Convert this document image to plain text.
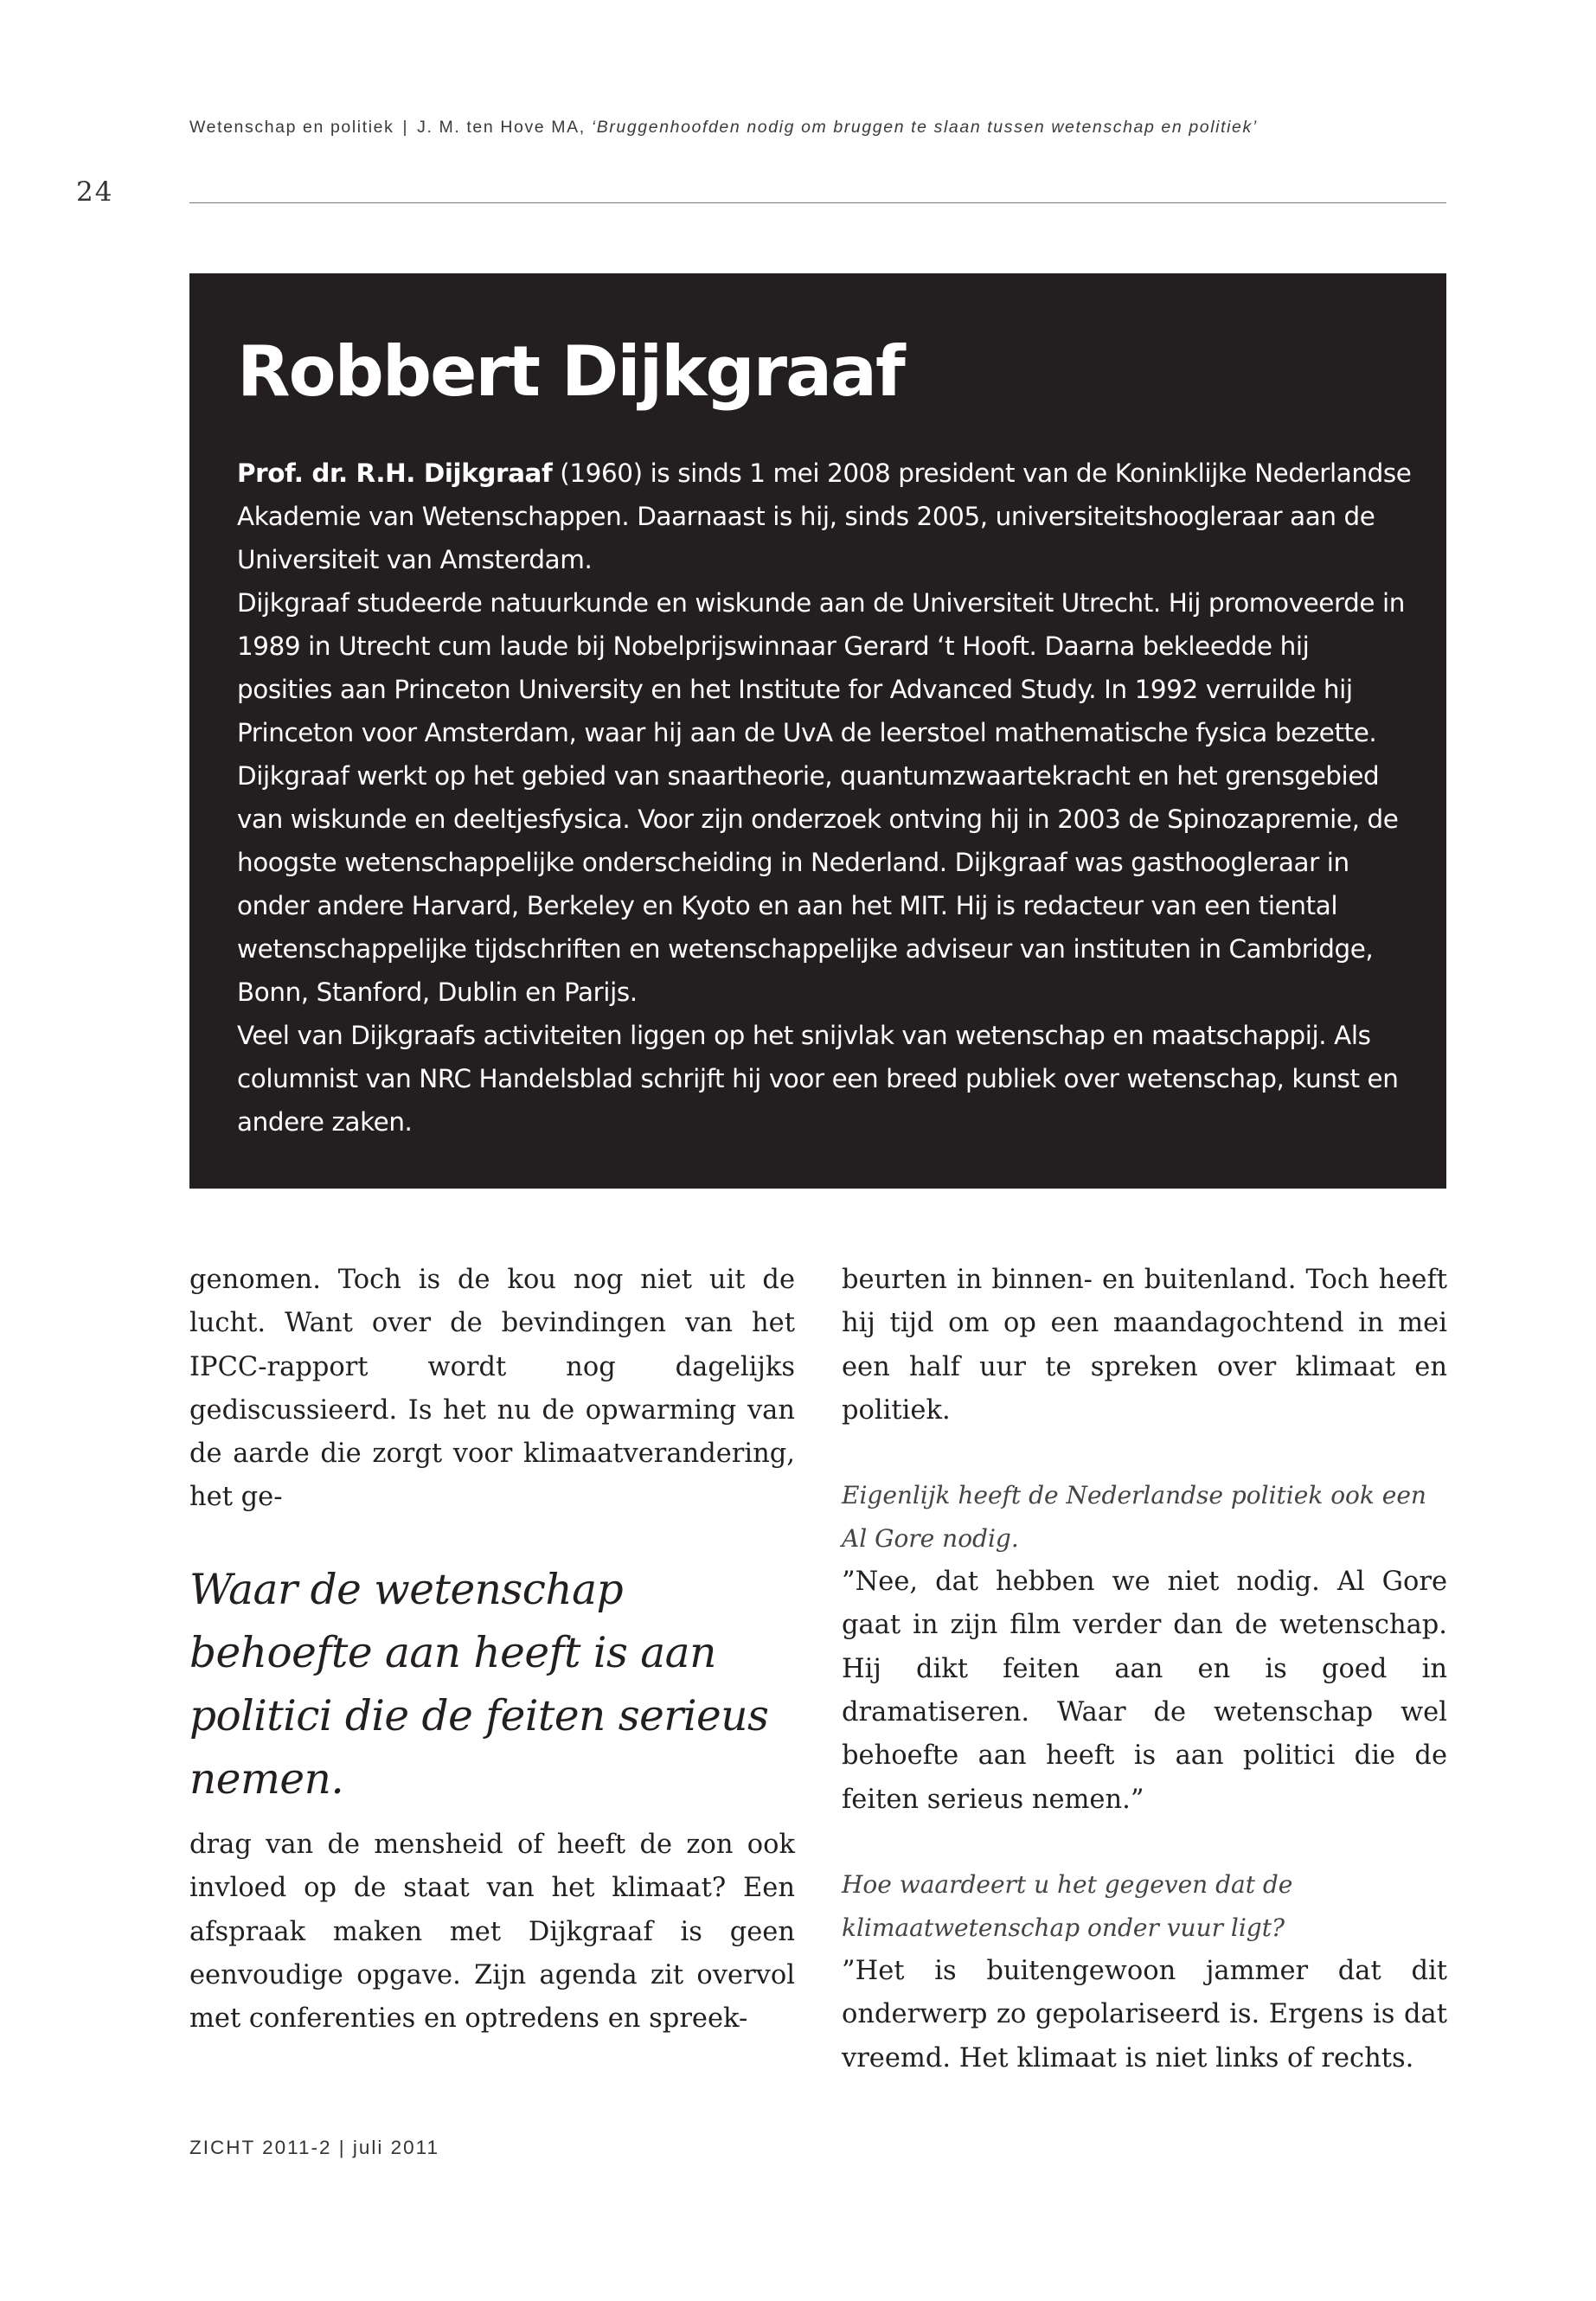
Wetenschap en politiek | J. M. ten Hove MA, ‘Bruggenhoofden nodig om bruggen te slaan tussen wetenschap en politiek’
24
Robbert Dijkgraaf

Prof. dr. R.H. Dijkgraaf (1960) is sinds 1 mei 2008 president van de Koninklijke Nederlandse Akademie van Wetenschappen. Daarnaast is hij, sinds 2005, universiteitshoogleraar aan de Universiteit van Amsterdam.

Dijkgraaf studeerde natuurkunde en wiskunde aan de Universiteit Utrecht. Hij promoveerde in 1989 in Utrecht cum laude bij Nobelprijswinnaar Gerard ‘t Hooft. Daarna bekleedde hij posities aan Princeton University en het Institute for Advanced Study. In 1992 verruilde hij Princeton voor Amsterdam, waar hij aan de UvA de leerstoel mathematische fysica bezette. Dijkgraaf werkt op het gebied van snaartheorie, quantumzwaartekracht en het grensgebied van wiskunde en deeltjesfysica. Voor zijn onderzoek ontving hij in 2003 de Spinozapremie, de hoogste wetenschappelijke onderscheiding in Nederland. Dijkgraaf was gasthoogleraar in onder andere Harvard, Berkeley en Kyoto en aan het MIT. Hij is redacteur van een tiental wetenschappelijke tijdschriften en wetenschappelijke adviseur van instituten in Cambridge, Bonn, Stanford, Dublin en Parijs.

Veel van Dijkgraafs activiteiten liggen op het snijvlak van wetenschap en maatschappij. Als columnist van NRC Handelsblad schrijft hij voor een breed publiek over wetenschap, kunst en andere zaken.

genomen. Toch is de kou nog niet uit de lucht. Want over de bevindingen van het IPCC-rapport wordt nog dagelijks gediscussieerd. Is het nu de opwarming van de aarde die zorgt voor klimaatverandering, het ge-

Waar de wetenschap behoefte aan heeft is aan politici die de feiten serieus nemen.

drag van de mensheid of heeft de zon ook invloed op de staat van het klimaat? Een afspraak maken met Dijkgraaf is geen eenvoudige opgave. Zijn agenda zit overvol met conferenties en optredens en spreek-

beurten in binnen- en buitenland. Toch heeft hij tijd om op een maandagochtend in mei een half uur te spreken over klimaat en politiek.

Eigenlijk heeft de Nederlandse politiek ook een Al Gore nodig.

”Nee, dat hebben we niet nodig. Al Gore gaat in zijn film verder dan de wetenschap. Hij dikt feiten aan en is goed in dramatiseren. Waar de wetenschap wel behoefte aan heeft is aan politici die de feiten serieus nemen.”

Hoe waardeert u het gegeven dat de klimaatwetenschap onder vuur ligt?

”Het is buitengewoon jammer dat dit onderwerp zo gepolariseerd is. Ergens is dat vreemd. Het klimaat is niet links of rechts.

ZICHT 2011-2 | juli 2011
